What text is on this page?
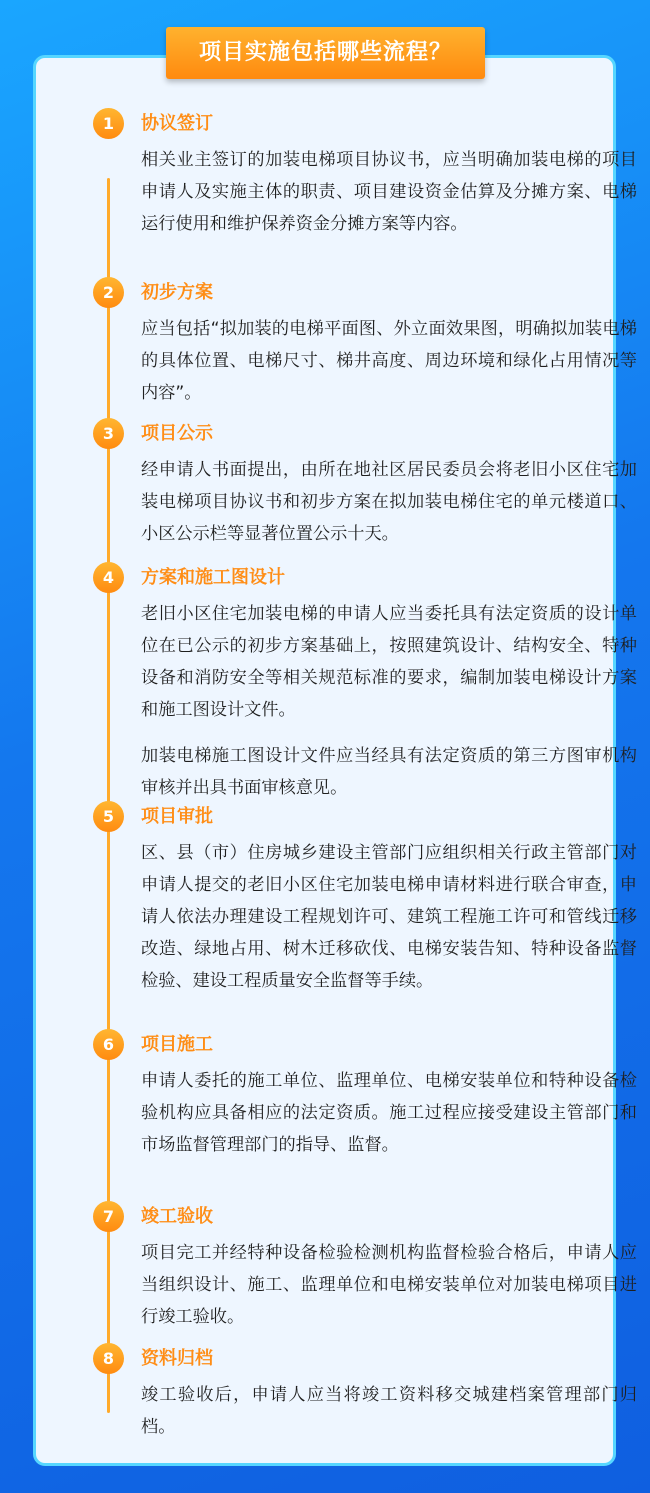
项目实施包括哪些流程？
1	协议签订

相关业主签订的加装电梯项目协议书，应当明确加装电梯的项目申请人及实施主体的职责、项目建设资金估算及分摊方案、电梯运行使用和维护保养资金分摊方案等内容。

2	初步方案

应当包括“拟加装的电梯平面图、外立面效果图，明确拟加装电梯的具体位置、电梯尺寸、梯井高度、周边环境和绿化占用情况等内容”。

3	项目公示

经申请人书面提出，由所在地社区居民委员会将老旧小区住宅加装电梯项目协议书和初步方案在拟加装电梯住宅的单元楼道口、小区公示栏等显著位置公示十天。

4	方案和施工图设计

老旧小区住宅加装电梯的申请人应当委托具有法定资质的设计单位在已公示的初步方案基础上，按照建筑设计、结构安全、特种设备和消防安全等相关规范标准的要求，编制加装电梯设计方案和施工图设计文件。

加装电梯施工图设计文件应当经具有法定资质的第三方图审机构审核并出具书面审核意见。

5	项目审批

区、县（市）住房城乡建设主管部门应组织相关行政主管部门对申请人提交的老旧小区住宅加装电梯申请材料进行联合审查，申请人依法办理建设工程规划许可、建筑工程施工许可和管线迁移改造、绿地占用、树木迁移砍伐、电梯安装告知、特种设备监督检验、建设工程质量安全监督等手续。

6	项目施工

申请人委托的施工单位、监理单位、电梯安装单位和特种设备检验机构应具备相应的法定资质。施工过程应接受建设主管部门和市场监督管理部门的指导、监督。

7	竣工验收

项目完工并经特种设备检验检测机构监督检验合格后，申请人应当组织设计、施工、监理单位和电梯安装单位对加装电梯项目进行竣工验收。

8	资料归档

竣工验收后，申请人应当将竣工资料移交城建档案管理部门归档。
